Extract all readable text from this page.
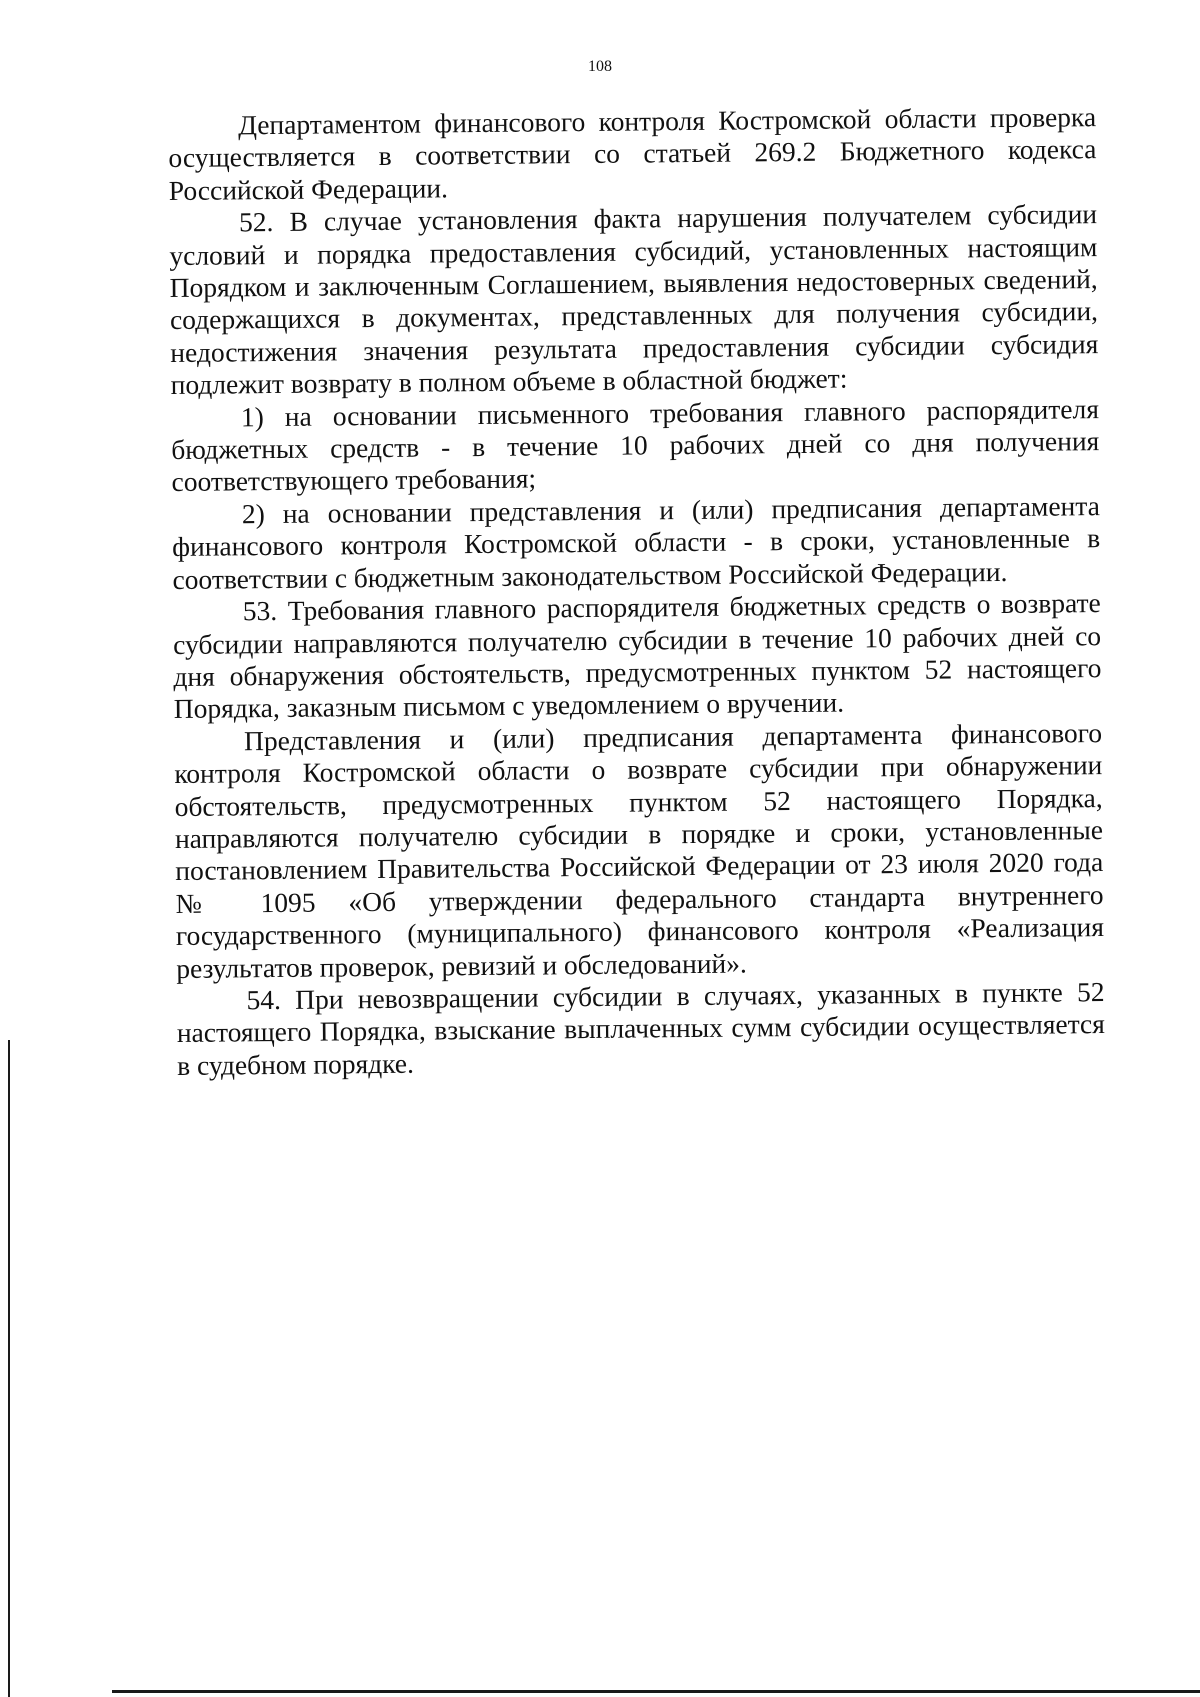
108

Департаментом финансового контроля Костромской области проверка осуществляется в соответствии со статьей 269.2 Бюджетного кодекса Российской Федерации.

52. В случае установления факта нарушения получателем субсидии условий и порядка предоставления субсидий, установленных настоящим Порядком и заключенным Соглашением, выявления недостоверных сведений, содержащихся в документах, представленных для получения субсидии, недостижения значения результата предоставления субсидии субсидия подлежит возврату в полном объеме в областной бюджет:

1) на основании письменного требования главного распорядителя бюджетных средств - в течение 10 рабочих дней со дня получения соответствующего требования;

2) на основании представления и (или) предписания департамента финансового контроля Костромской области - в сроки, установленные в соответствии с бюджетным законодательством Российской Федерации.

53. Требования главного распорядителя бюджетных средств о возврате субсидии направляются получателю субсидии в течение 10 рабочих дней со дня обнаружения обстоятельств, предусмотренных пунктом 52 настоящего Порядка, заказным письмом с уведомлением о вручении.

Представления и (или) предписания департамента финансового контроля Костромской области о возврате субсидии при обнаружении обстоятельств, предусмотренных пунктом 52 настоящего Порядка, направляются получателю субсидии в порядке и сроки, установленные постановлением Правительства Российской Федерации от 23 июля 2020 года № 1095 «Об утверждении федерального стандарта внутреннего государственного (муниципального) финансового контроля «Реализация результатов проверок, ревизий и обследований».

54. При невозвращении субсидии в случаях, указанных в пункте 52 настоящего Порядка, взыскание выплаченных сумм субсидии осуществляется в судебном порядке.
